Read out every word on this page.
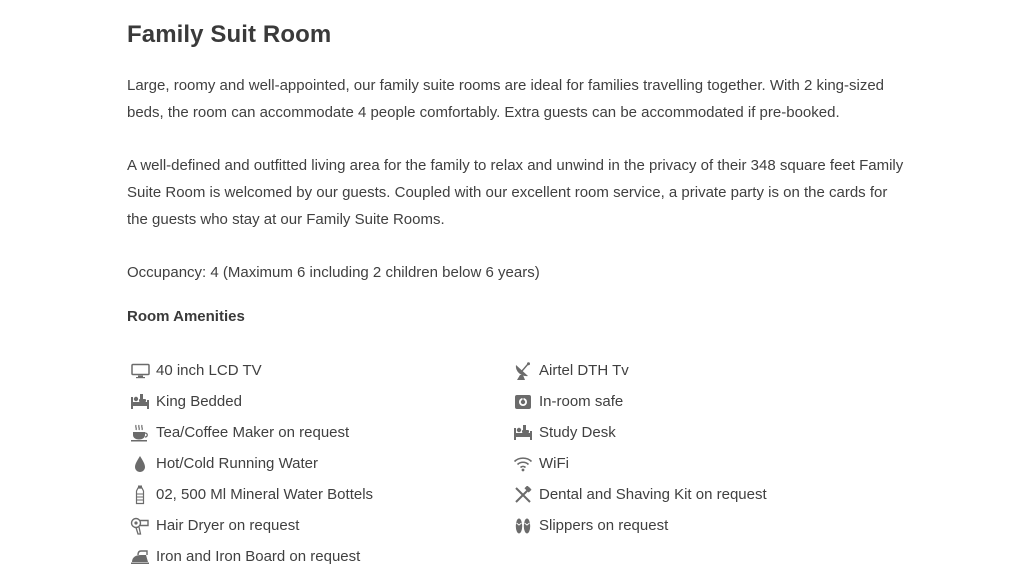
Family Suit Room

Large, roomy and well-appointed, our family suite rooms are ideal for families travelling together. With 2 king-sized beds, the room can accommodate 4 people comfortably. Extra guests can be accommodated if pre-booked.

A well-defined and outfitted living area for the family to relax and unwind in the privacy of their 348 square feet Family Suite Room is welcomed by our guests. Coupled with our excellent room service, a private party is on the cards for the guests who stay at our Family Suite Rooms.

Occupancy: 4 (Maximum 6 including 2 children below 6 years)

Room Amenities
40 inch LCD TV
King Bedded
Tea/Coffee Maker on request
Hot/Cold Running Water
02, 500 Ml Mineral Water Bottels
Hair Dryer on request
Iron and Iron Board on request
Airtel DTH Tv
In-room safe
Study Desk
WiFi
Dental and Shaving Kit on request
Slippers on request
